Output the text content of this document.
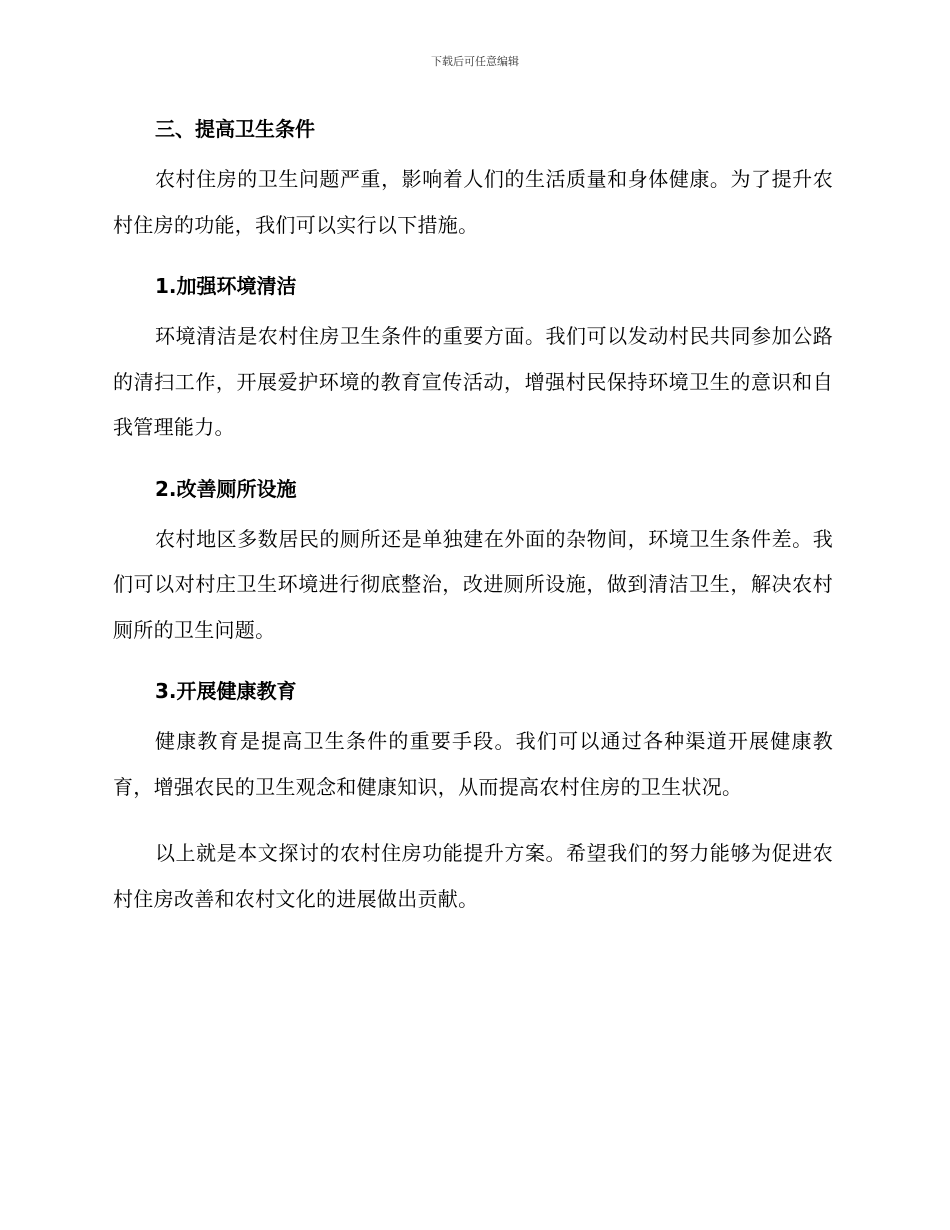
下载后可任意编辑

三、提高卫生条件

农村住房的卫生问题严重，影响着人们的生活质量和身体健康。为了提升农村住房的功能，我们可以实行以下措施。

1.加强环境清洁

环境清洁是农村住房卫生条件的重要方面。我们可以发动村民共同参加公路的清扫工作，开展爱护环境的教育宣传活动，增强村民保持环境卫生的意识和自我管理能力。

2.改善厕所设施

农村地区多数居民的厕所还是单独建在外面的杂物间，环境卫生条件差。我们可以对村庄卫生环境进行彻底整治，改进厕所设施，做到清洁卫生，解决农村厕所的卫生问题。

3.开展健康教育

健康教育是提高卫生条件的重要手段。我们可以通过各种渠道开展健康教育，增强农民的卫生观念和健康知识，从而提高农村住房的卫生状况。

以上就是本文探讨的农村住房功能提升方案。希望我们的努力能够为促进农村住房改善和农村文化的进展做出贡献。
